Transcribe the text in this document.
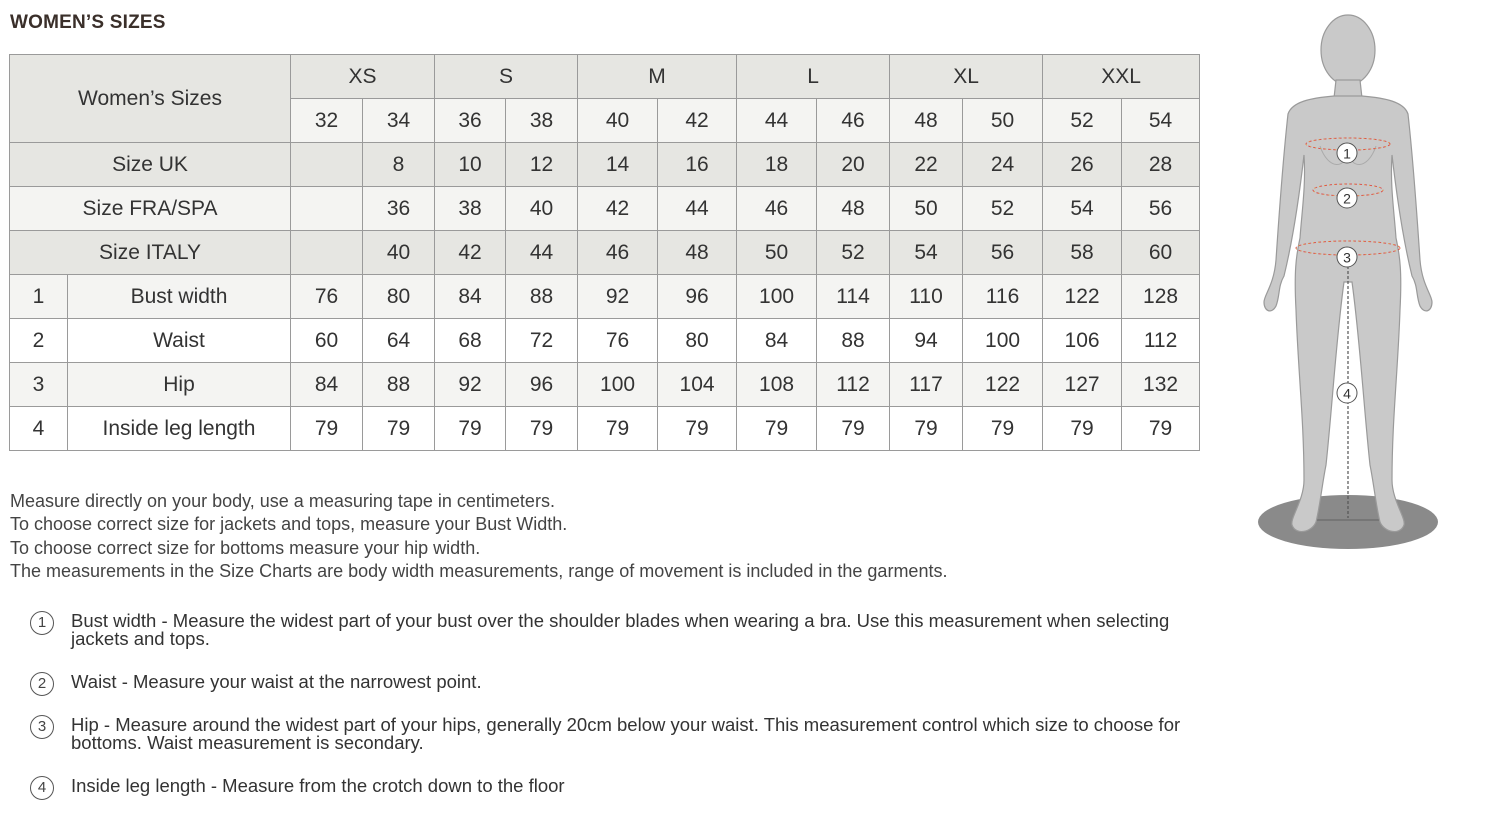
WOMEN’S SIZES
Women’s Sizes		XS		S		M		L		XL		XXL	
		32	34	36	38	40	42	44	46	48	50	52	54
Size UK			8	10	12	14	16	18	20	22	24	26	28
Size FRA/SPA			36	38	40	42	44	46	48	50	52	54	56
Size ITALY			40	42	44	46	48	50	52	54	56	58	60
1	Bust width	76	80	84	88	92	96	100	114	110	116	122	128
2	Waist	60	64	68	72	76	80	84	88	94	100	106	112
3	Hip	84	88	92	96	100	104	108	112	117	122	127	132
4	Inside leg length	79	79	79	79	79	79	79	79	79	79	79	79
Measure directly on your body, use a measuring tape in centimeters.
To choose correct size for jackets and tops, measure your Bust Width.
To choose correct size for bottoms measure your hip width.
The measurements in the Size Charts are body width measurements, range of movement is included in the garments.
1	Bust width - Measure the widest part of your bust over the shoulder blades when wearing a bra. Use this measurement when selecting jackets and tops.
2	Waist - Measure your waist at the narrowest point.
3	Hip - Measure around the widest part of your hips, generally 20cm below your waist. This measurement control which size to choose for bottoms. Waist measurement is secondary.
4	Inside leg length - Measure from the crotch down to the floor
1
2
3
4
